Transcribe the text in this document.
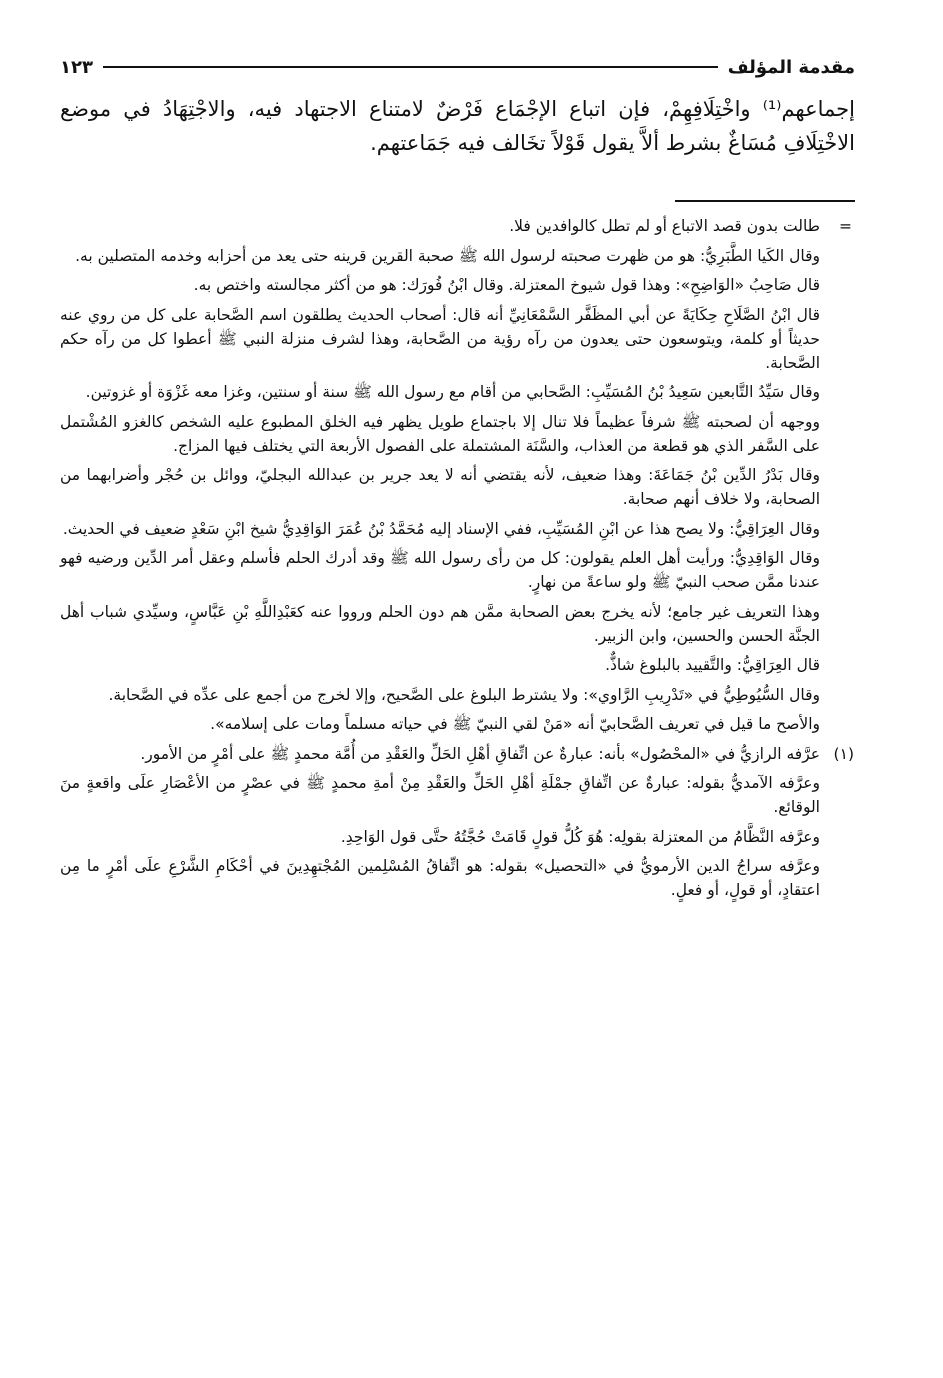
مقدمة المؤلف
١٢٣

إجماعهم⁽¹⁾ واخْتِلَافِهِمْ، فإن اتباع الإجْمَاع فَرْضٌ لامتناع الاجتهاد فيه، والاجْتِهَادُ في موضع الاخْتِلَافِ مُسَاغٌ بشرط ألاَّ يقول قَوْلاً تخَالف فيه جَمَاعتهم.

=

طالت بدون قصد الاتباع أو لم تطل كالوافدين فلا.

وقال الكَيا الطَّبَرِيُّ: هو من ظهرت صحبته لرسول الله ﷺ صحبة القرين قرينه حتى يعد من أحزابه وخدمه المتصلين به.

قال صَاحِبُ «الوَاضِحِ»: وهذا قول شيوخ المعتزلة. وقال ابْنُ فُورَك: هو من أكثر مجالسته واختص به.

قال ابْنُ الصَّلَاحِ حِكَايَةً عن أبي المظَفَّر السَّمْعَانِيِّ أنه قال: أصحاب الحديث يطلقون اسم الصَّحابة على كل من روي عنه حديثاً أو كلمة، ويتوسعون حتى يعدون من رآه رؤية من الصَّحابة، وهذا لشرف منزلة النبي ﷺ أعطوا كل من رآه حكم الصَّحابة.

وقال سَيِّدُ التَّابعين سَعِيدُ بْنُ المُسَيِّبِ: الصَّحابي من أقام مع رسول الله ﷺ سنة أو سنتين، وغزا معه غَزْوَة أو غزوتين.

ووجهه أن لصحبته ﷺ شرفاً عظيماً فلا تنال إلا باجتماع طويل يظهر فيه الخلق المطبوع عليه الشخص كالغزو المُشْتمل على السَّفر الذي هو قطعة من العذاب، والسَّنَة المشتملة على الفصول الأربعة التي يختلف فيها المزاج.

وقال بَدْرُ الدِّين بْنُ جَمَاعَةَ: وهذا ضعيف، لأنه يقتضي أنه لا يعد جرير بن عبدالله البجليّ، ووائل بن حُجْر وأضرابهما من الصحابة، ولا خلاف أنهم صحابة.

وقال العِرَاقِيُّ: ولا يصح هذا عن ابْنِ المُسَيِّبِ، ففي الإسناد إليه مُحَمَّدُ بْنُ عُمَرَ الوَاقِدِيُّ شيخ ابْنِ سَعْدٍ ضعيف في الحديث.

وقال الوَاقِدِيُّ: ورأيت أهل العلم يقولون: كل من رأى رسول الله ﷺ وقد أدرك الحلم فأسلم وعقل أمر الدِّين ورضيه فهو عندنا ممَّن صحب النبيّ ﷺ ولو ساعةً من نهارٍ.

وهذا التعريف غير جامع؛ لأنه يخرج بعض الصحابة ممَّن هم دون الحلم ورووا عنه كعَبْدِاللَّهِ بْنِ عَبَّاسٍ، وسيِّدي شباب أهل الجنَّة الحسن والحسين، وابن الزبير.

قال العِرَاقِيُّ: والتَّقييد بالبلوغ شاذٌّ.

وقال السُّيُوطِيُّ في «تَدْرِيبِ الرَّاوي»: ولا يشترط البلوغ على الصَّحيح، وإلا لخرج من أجمع على عدِّه في الصَّحابة.

والأصح ما قيل في تعريف الصَّحابيّ أنه «مَنْ لقي النبيّ ﷺ في حياته مسلماً ومات على إسلامه».

(١)

عرَّفه الرازيُّ في «المحْصُول» بأنه: عبارةٌ عن اتِّفاقِ أهْلِ الحَلِّ والعَقْدِ من أُمَّة محمدٍ ﷺ على أمْرٍ من الأمور.

وعرَّفه الآمديُّ بقوله: عبارةٌ عن اتِّفاقِ جمْلَةِ أهْلِ الحَلِّ والعَقْدِ مِنْ أمةِ محمدٍ ﷺ في عصْرٍ من الأعْصَارِ علَى واقعةٍ منَ الوقائع.

وعرَّفه النَّظَّامُ من المعتزلة بقولِه: هُوَ كُلُّ قولٍ قَامَتْ حُجَّتُهُ حتَّى قول الوَاحِدِ.

وعرَّفه سراجُ الدين الأرمويُّ في «التحصيل» بقوله: هو اتِّفاقُ المُسْلِمين المُجْتهِدِينَ في أحْكَامِ الشَّرْعِ علَى أمْرٍ ما مِن اعتقادٍ، أو قولٍ، أو فعلٍ.
